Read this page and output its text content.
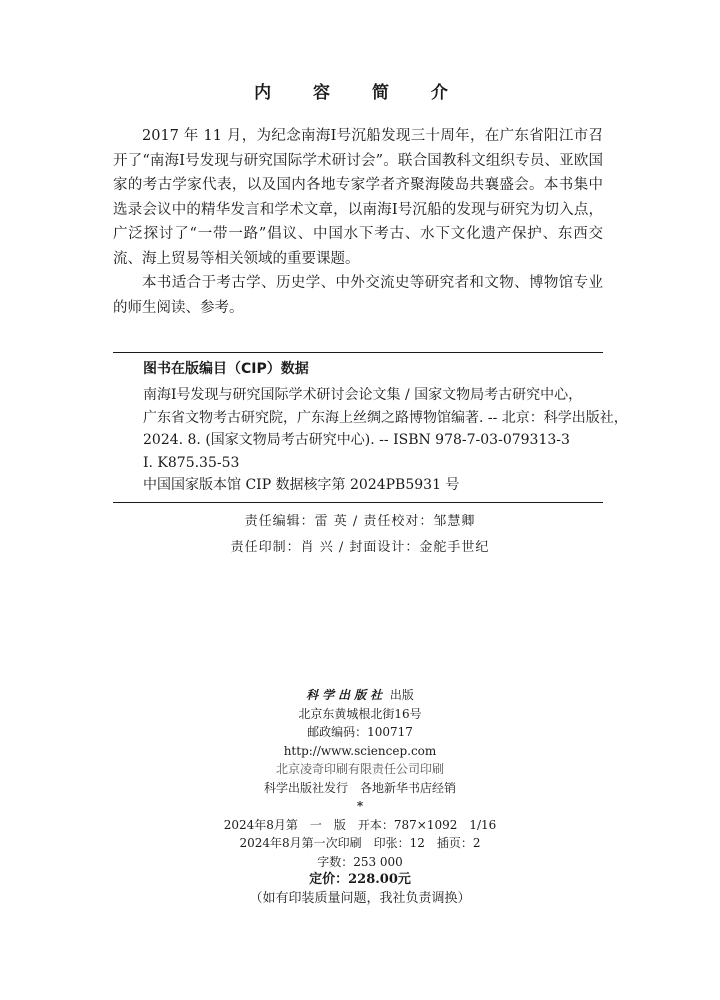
内 容 简 介

2017 年 11 月，为纪念南海Ⅰ号沉船发现三十周年，在广东省阳江市召开了“南海Ⅰ号发现与研究国际学术研讨会”。联合国教科文组织专员、亚欧国家的考古学家代表，以及国内各地专家学者齐聚海陵岛共襄盛会。本书集中选录会议中的精华发言和学术文章，以南海Ⅰ号沉船的发现与研究为切入点，广泛探讨了“一带一路”倡议、中国水下考古、水下文化遗产保护、东西交流、海上贸易等相关领域的重要课题。

本书适合于考古学、历史学、中外交流史等研究者和文物、博物馆专业的师生阅读、参考。

图书在版编目（CIP）数据
南海Ⅰ号发现与研究国际学术研讨会论文集 / 国家文物局考古研究中心，
广东省文物考古研究院，广东海上丝绸之路博物馆编著. -- 北京：科学出版社，
2024. 8. (国家文物局考古研究中心). -- ISBN 978-7-03-079313-3
Ⅰ. K875.35-53
中国国家版本馆 CIP 数据核字第 2024PB5931 号
责任编辑：雷 英 / 责任校对：邹慧卿
责任印制：肖 兴 / 封面设计：金舵手世纪
科学出版社 出版
北京东黄城根北街16号
邮政编码：100717
http://www.sciencep.com
北京凌奇印刷有限责任公司印刷
科学出版社发行　各地新华书店经销
*
2024年8月第　一　版　开本：787×1092　1/16
2024年8月第一次印刷　印张：12　插页：2
字数：253 000
定价：228.00元
（如有印装质量问题，我社负责调换）
